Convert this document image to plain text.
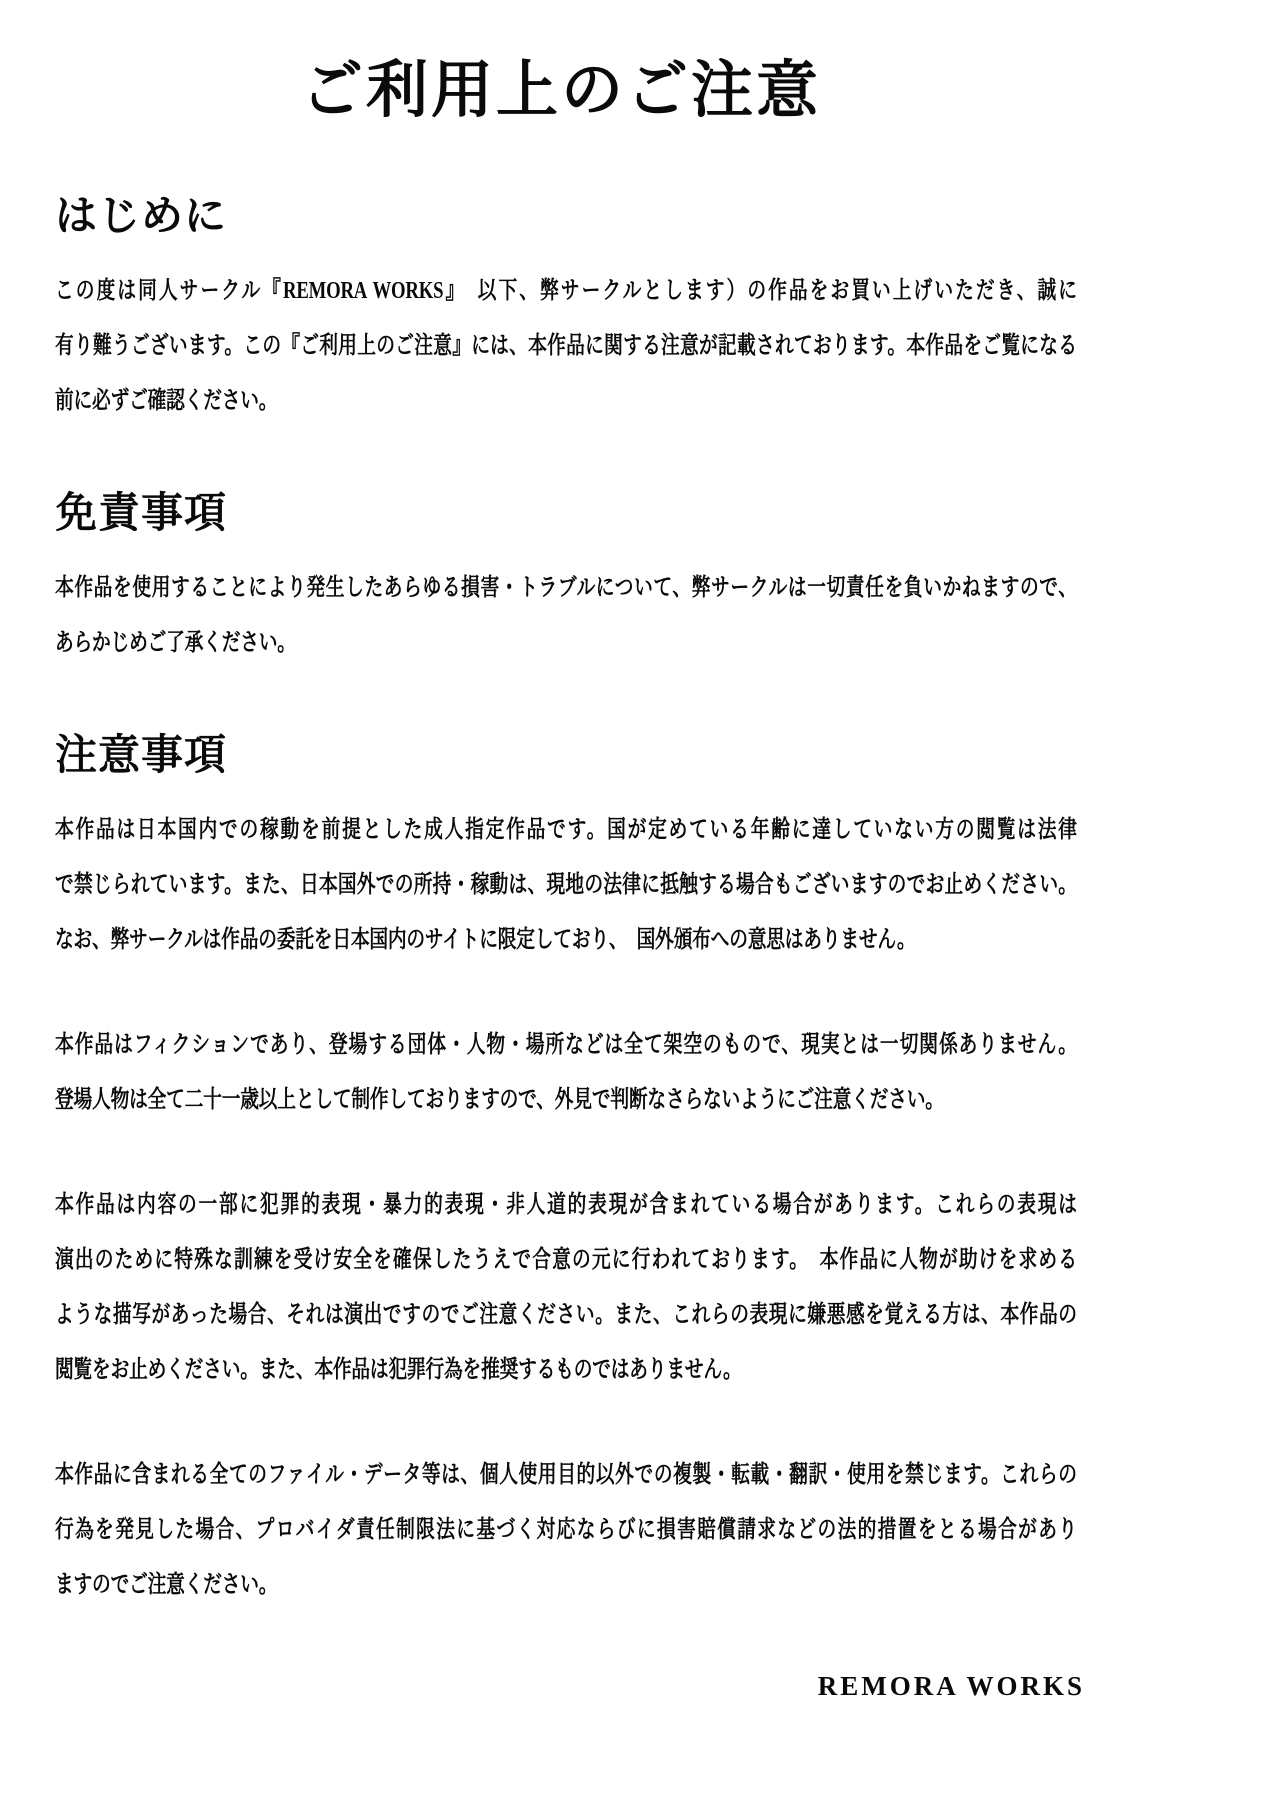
ご利用上のご注意
はじめに
この度は同人サークル『REMORA WORKS』　以下、弊サークルとします）の作品をお買い上げいただき、誠に
有り難うございます。この『ご利用上のご注意』には、本作品に関する注意が記載されております。本作品をご覧になる
前に必ずご確認ください。
免責事項
本作品を使用することにより発生したあらゆる損害・トラブルについて、弊サークルは一切責任を負いかねますので、
あらかじめご了承ください。
注意事項
本作品は日本国内での稼動を前提とした成人指定作品です。国が定めている年齢に達していない方の閲覧は法律
で禁じられています。また、日本国外での所持・稼動は、現地の法律に抵触する場合もございますのでお止めください。
なお、弊サークルは作品の委託を日本国内のサイトに限定しており、　国外頒布への意思はありません。
本作品はフィクションであり、登場する団体・人物・場所などは全て架空のもので、現実とは一切関係ありません。
登場人物は全て二十一歳以上として制作しておりますので、外見で判断なさらないようにご注意ください。
本作品は内容の一部に犯罪的表現・暴力的表現・非人道的表現が含まれている場合があります。これらの表現は
演出のために特殊な訓練を受け安全を確保したうえで合意の元に行われております。　本作品に人物が助けを求める
ような描写があった場合、それは演出ですのでご注意ください。また、これらの表現に嫌悪感を覚える方は、本作品の
閲覧をお止めください。また、本作品は犯罪行為を推奨するものではありません。
本作品に含まれる全てのファイル・データ等は、個人使用目的以外での複製・転載・翻訳・使用を禁じます。これらの
行為を発見した場合、プロバイダ責任制限法に基づく対応ならびに損害賠償請求などの法的措置をとる場合があり
ますのでご注意ください。
REMORA WORKS
